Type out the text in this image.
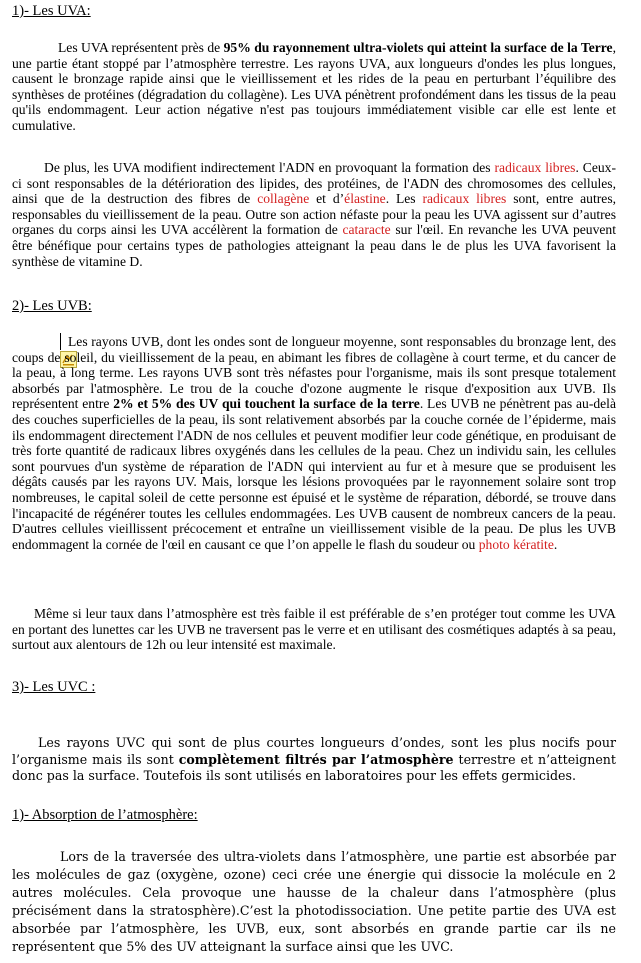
1)- Les UVA:

Les UVA représentent près de 95% du rayonnement ultra-violets qui atteint la surface de la Terre, une partie étant stoppé par l’atmosphère terrestre. Les rayons UVA, aux longueurs d'ondes les plus longues, causent le bronzage rapide ainsi que le vieillissement et les rides de la peau en perturbant l’équilibre des synthèses de protéines (dégradation du collagène). Les UVA pénètrent profondément dans les tissus de la peau qu'ils endommagent. Leur action négative n'est pas toujours immédiatement visible car elle est lente et cumulative.

De plus, les UVA modifient indirectement l'ADN en provoquant la formation des radicaux libres. Ceux-ci sont responsables de la détérioration des lipides, des protéines, de l'ADN des chromosomes des cellules, ainsi que de la destruction des fibres de collagène et d’élastine. Les radicaux libres sont, entre autres, responsables du vieillissement de la peau. Outre son action néfaste pour la peau les UVA agissent sur d’autres organes du corps ainsi les UVA accélèrent la formation de cataracte sur l'œil. En revanche les UVA peuvent être bénéfique pour certains types de pathologies atteignant la peau dans le de plus les UVA favorisent la synthèse de vitamine D.

2)- Les UVB:

Les rayons UVB, dont les ondes sont de longueur moyenne, sont responsables du bronzage lent, des coups de soleil, du vieillissement de la peau, en abimant les fibres de collagène à court terme, et du cancer de la peau, à long terme. Les rayons UVB sont très néfastes pour l'organisme, mais ils sont presque totalement absorbés par l'atmosphère. Le trou de la couche d'ozone augmente le risque d'exposition aux UVB. Ils représentent entre 2% et 5% des UV qui touchent la surface de la terre. Les UVB ne pénètrent pas au-delà des couches superficielles de la peau, ils sont relativement absorbés par la couche cornée de l’épiderme, mais ils endommagent directement l'ADN de nos cellules et peuvent modifier leur code génétique, en produisant de très forte quantité de radicaux libres oxygénés dans les cellules de la peau. Chez un individu sain, les cellules sont pourvues d'un système de réparation de l'ADN qui intervient au fur et à mesure que se produisent les dégâts causés par les rayons UV. Mais, lorsque les lésions provoquées par le rayonnement solaire sont trop nombreuses, le capital soleil de cette personne est épuisé et le système de réparation, débordé, se trouve dans l'incapacité de régénérer toutes les cellules endommagées. Les UVB causent de nombreux cancers de la peau. D'autres cellules vieillissent précocement et entraîne un vieillissement visible de la peau. De plus les UVB endommagent la cornée de l'œil en causant ce que l’on appelle le flash du soudeur ou photo kératite.

Même si leur taux dans l’atmosphère est très faible il est préférable de s’en protéger tout comme les UVA en portant des lunettes car les UVB ne traversent pas le verre et en utilisant des cosmétiques adaptés à sa peau, surtout aux alentours de 12h ou leur intensité est maximale.

3)- Les UVC :

Les rayons UVC qui sont de plus courtes longueurs d’ondes, sont les plus nocifs pour l’organisme mais ils sont complètement filtrés par l’atmosphère terrestre et n’atteignent donc pas la surface. Toutefois ils sont utilisés en laboratoires pour les effets germicides.

1)- Absorption de l’atmosphère:

Lors de la traversée des ultra-violets dans l’atmosphère, une partie est absorbée par les molécules de gaz (oxygène, ozone) ceci crée une énergie qui dissocie la molécule en 2 autres molécules. Cela provoque une hausse de la chaleur dans l’atmosphère (plus précisément dans la stratosphère).C’est la photodissociation. Une petite partie des UVA est absorbée par l’atmosphère, les UVB, eux, sont absorbés en grande partie car ils ne représentent que 5% des UV atteignant la surface ainsi que les UVC.
